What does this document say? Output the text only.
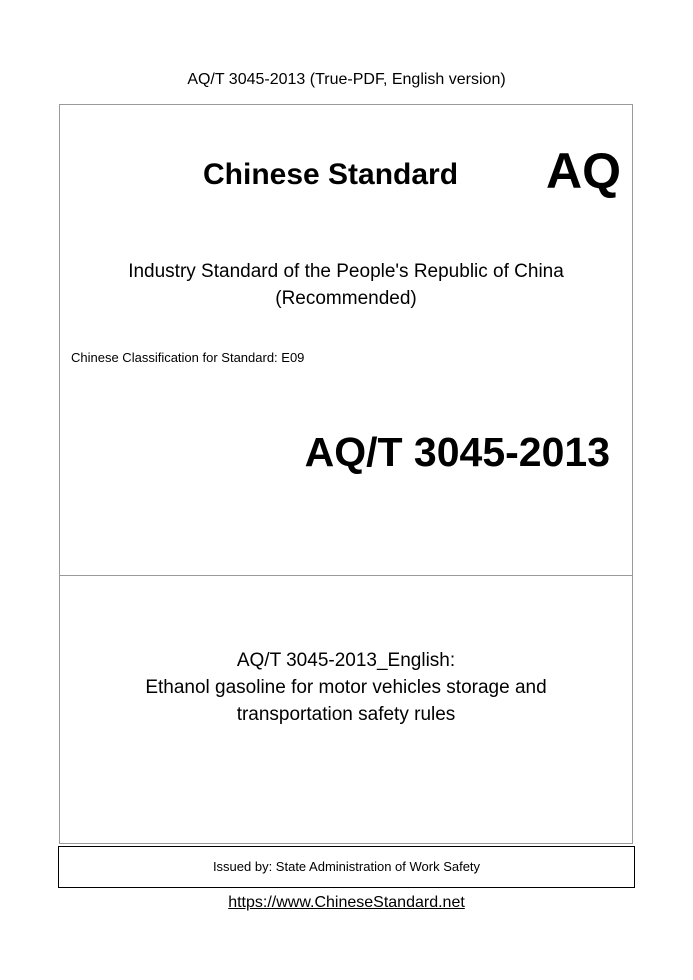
AQ/T 3045-2013 (True-PDF, English version)
Chinese Standard AQ
Industry Standard of the People's Republic of China
(Recommended)
Chinese Classification for Standard: E09
AQ/T 3045-2013
AQ/T 3045-2013_English:
Ethanol gasoline for motor vehicles storage and
transportation safety rules
Issued by: State Administration of Work Safety
https://www.ChineseStandard.net
